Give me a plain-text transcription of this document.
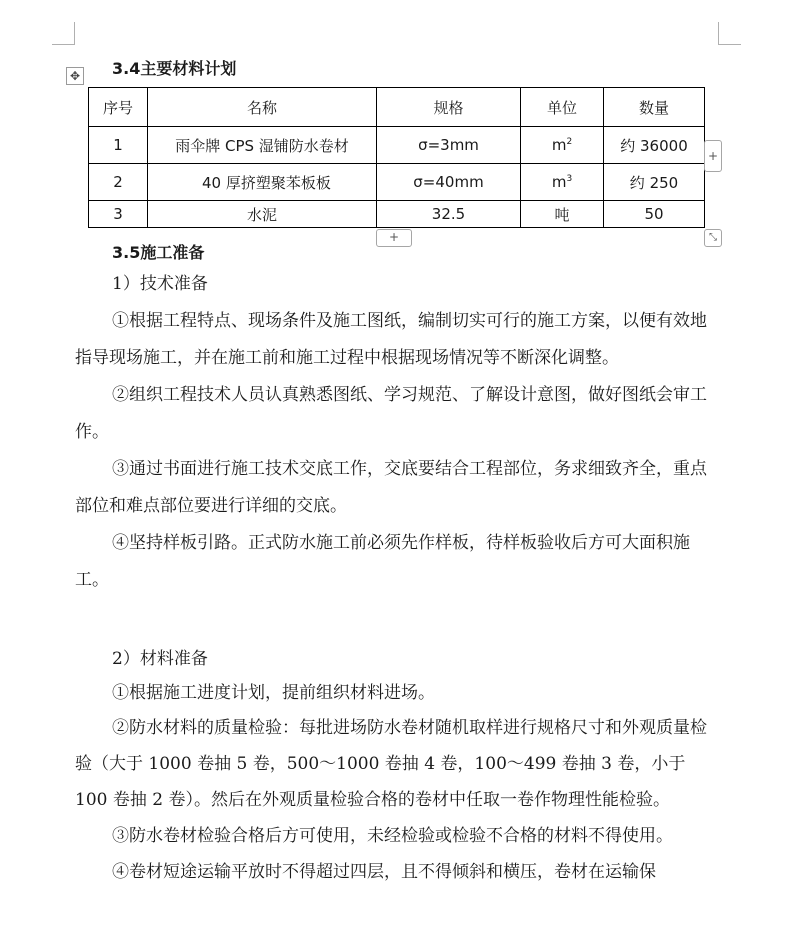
✥ 3.4主要材料计划
序号	名称	规格	单位	数量
1	雨伞牌 CPS 湿铺防水卷材	σ=3mm	$m^2$	约 36000
2	40 厚挤塑聚苯板板	σ=40mm	$m^3$	约 250
3	水泥	32.5	吨	50
+
+	⤡
3.5施工准备

1）技术准备

①根据工程特点、现场条件及施工图纸，编制切实可行的施工方案，以便有效地指导现场施工，并在施工前和施工过程中根据现场情况等不断深化调整。

②组织工程技术人员认真熟悉图纸、学习规范、了解设计意图，做好图纸会审工作。

③通过书面进行施工技术交底工作，交底要结合工程部位，务求细致齐全，重点部位和难点部位要进行详细的交底。

④坚持样板引路。正式防水施工前必须先作样板，待样板验收后方可大面积施工。

2）材料准备

①根据施工进度计划，提前组织材料进场。

②防水材料的质量检验：每批进场防水卷材随机取样进行规格尺寸和外观质量检验（大于 1000 卷抽 5 卷，500～1000 卷抽 4 卷，100～499 卷抽 3 卷，小于 100 卷抽 2 卷）。然后在外观质量检验合格的卷材中任取一卷作物理性能检验。

③防水卷材检验合格后方可使用，未经检验或检验不合格的材料不得使用。

④卷材短途运输平放时不得超过四层，且不得倾斜和横压，卷材在运输保
